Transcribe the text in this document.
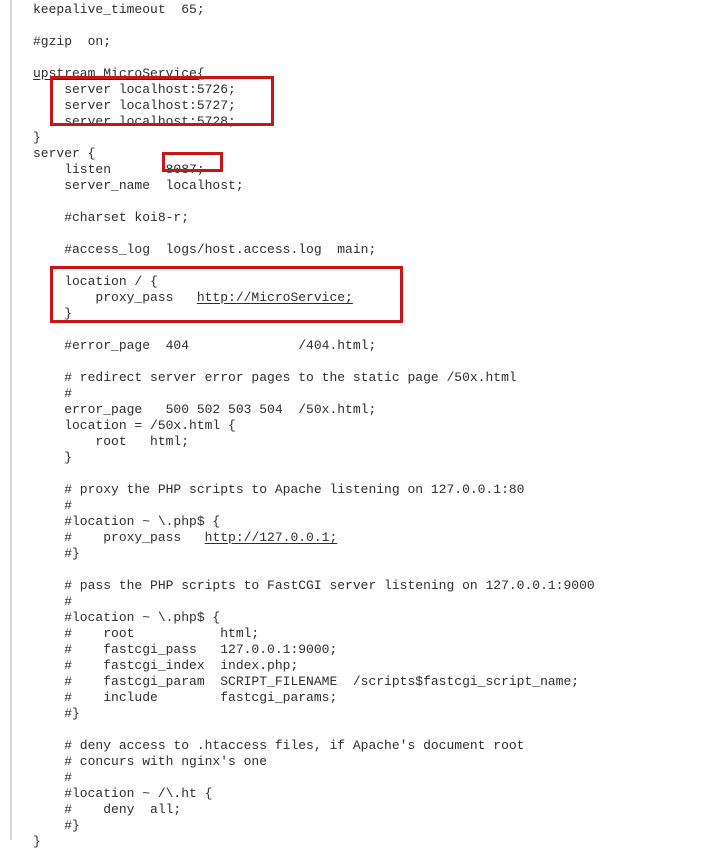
keepalive_timeout  65;
#gzip  on;
upstream MicroService{
server localhost:5726;
server localhost:5727;
server localhost:5728;
}
server {
listen       8087;
server_name  localhost;
#charset koi8-r;
#access_log  logs/host.access.log  main;
location / {
proxy_pass   http://MicroService;
}
#error_page  404              /404.html;
# redirect server error pages to the static page /50x.html
#
error_page   500 502 503 504  /50x.html;
location = /50x.html {
root   html;
}
# proxy the PHP scripts to Apache listening on 127.0.0.1:80
#
#location ~ \.php$ {
#    proxy_pass   http://127.0.0.1;
#}
# pass the PHP scripts to FastCGI server listening on 127.0.0.1:9000
#
#location ~ \.php$ {
#    root           html;
#    fastcgi_pass   127.0.0.1:9000;
#    fastcgi_index  index.php;
#    fastcgi_param  SCRIPT_FILENAME  /scripts$fastcgi_script_name;
#    include        fastcgi_params;
#}
# deny access to .htaccess files, if Apache's document root
# concurs with nginx's one
#
#location ~ /\.ht {
#    deny  all;
#}
}
